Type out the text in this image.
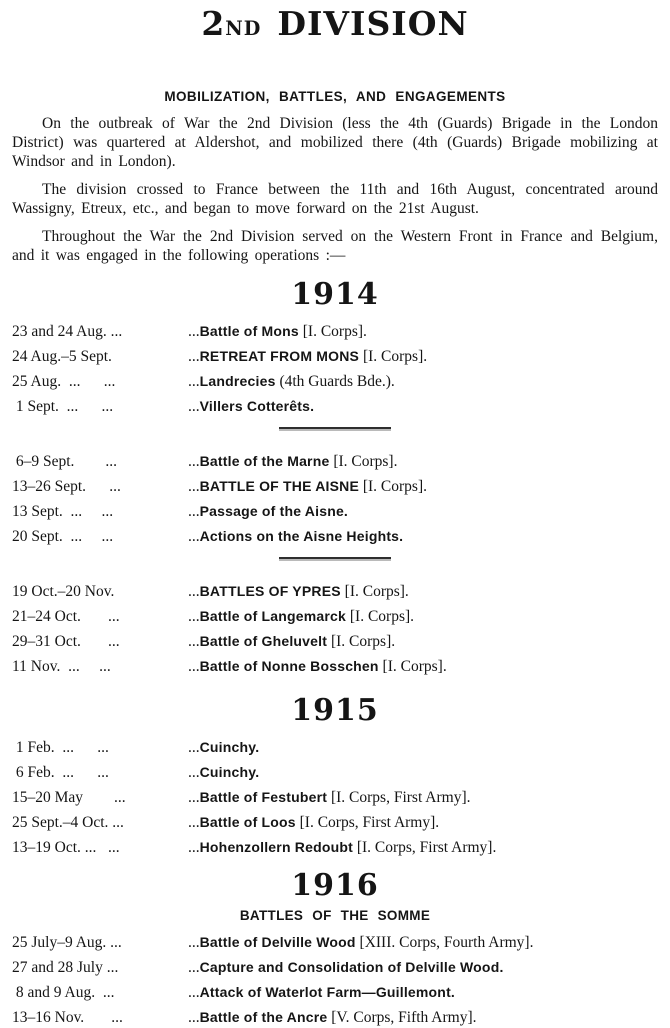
2ND DIVISION
MOBILIZATION, BATTLES, AND ENGAGEMENTS

On the outbreak of War the 2nd Division (less the 4th (Guards) Brigade in the London District) was quartered at Aldershot, and mobilized there (4th (Guards) Brigade mobilizing at Windsor and in London).

The division crossed to France between the 11th and 16th August, concentrated around Wassigny, Etreux, etc., and began to move forward on the 21st August.

Throughout the War the 2nd Division served on the Western Front in France and Belgium, and it was engaged in the following operations :—

1914
23 and 24 Aug. ...	...Battle of Mons [I. Corps].
24 Aug.–5 Sept.	...RETREAT FROM MONS [I. Corps].
25 Aug.  ...      ...	...Landrecies (4th Guards Bde.).
1 Sept.  ...      ...	...Villers Cotterêts.
6–9 Sept.        ...	...Battle of the Marne [I. Corps].
13–26 Sept.      ...	...BATTLE OF THE AISNE [I. Corps].
13 Sept.  ...     ...	...Passage of the Aisne.
20 Sept.  ...     ...	...Actions on the Aisne Heights.
19 Oct.–20 Nov.	...BATTLES OF YPRES [I. Corps].
21–24 Oct.       ...	...Battle of Langemarck [I. Corps].
29–31 Oct.       ...	...Battle of Gheluvelt [I. Corps].
11 Nov.  ...     ...	...Battle of Nonne Bosschen [I. Corps].
1915
1 Feb.  ...      ...	...Cuinchy.
6 Feb.  ...      ...	...Cuinchy.
15–20 May        ...	...Battle of Festubert [I. Corps, First Army].
25 Sept.–4 Oct. ...	...Battle of Loos [I. Corps, First Army].
13–19 Oct. ...   ...	...Hohenzollern Redoubt [I. Corps, First Army].
1916
BATTLES OF THE SOMME
25 July–9 Aug. ...	...Battle of Delville Wood [XIII. Corps, Fourth Army].
27 and 28 July ...	...Capture and Consolidation of Delville Wood.
8 and 9 Aug.  ...	...Attack of Waterlot Farm—Guillemont.
13–16 Nov.       ...	...Battle of the Ancre [V. Corps, Fifth Army].
